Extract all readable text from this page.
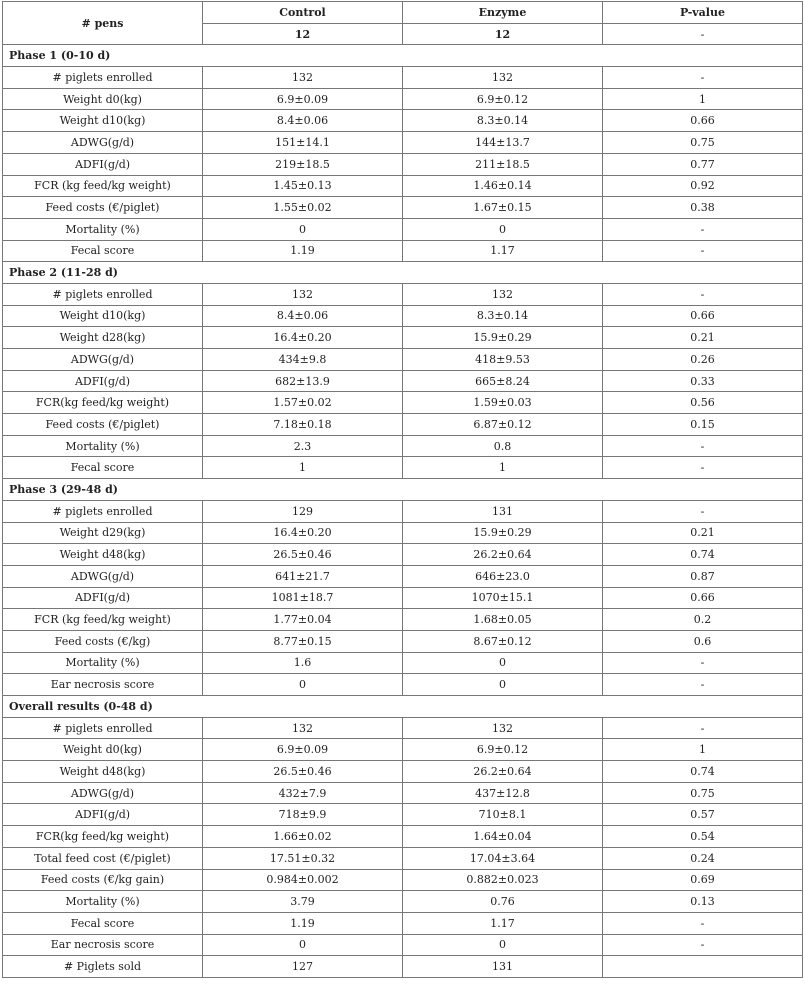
# pens	Control	Enzyme	P-value
	12	12	-
Phase 1 (0-10 d)			
# piglets enrolled	132	132	-
Weight d0(kg)	6.9±0.09	6.9±0.12	1
Weight d10(kg)	8.4±0.06	8.3±0.14	0.66
ADWG(g/d)	151±14.1	144±13.7	0.75
ADFI(g/d)	219±18.5	211±18.5	0.77
FCR (kg feed/kg weight)	1.45±0.13	1.46±0.14	0.92
Feed costs (€/piglet)	1.55±0.02	1.67±0.15	0.38
Mortality (%)	0	0	-
Fecal score	1.19	1.17	-
Phase 2 (11-28 d)			
# piglets enrolled	132	132	-
Weight d10(kg)	8.4±0.06	8.3±0.14	0.66
Weight d28(kg)	16.4±0.20	15.9±0.29	0.21
ADWG(g/d)	434±9.8	418±9.53	0.26
ADFI(g/d)	682±13.9	665±8.24	0.33
FCR(kg feed/kg weight)	1.57±0.02	1.59±0.03	0.56
Feed costs (€/piglet)	7.18±0.18	6.87±0.12	0.15
Mortality (%)	2.3	0.8	-
Fecal score	1	1	-
Phase 3 (29-48 d)			
# piglets enrolled	129	131	-
Weight d29(kg)	16.4±0.20	15.9±0.29	0.21
Weight d48(kg)	26.5±0.46	26.2±0.64	0.74
ADWG(g/d)	641±21.7	646±23.0	0.87
ADFI(g/d)	1081±18.7	1070±15.1	0.66
FCR (kg feed/kg weight)	1.77±0.04	1.68±0.05	0.2
Feed costs (€/kg)	8.77±0.15	8.67±0.12	0.6
Mortality (%)	1.6	0	-
Ear necrosis score	0	0	-
Overall results (0-48 d)			
# piglets enrolled	132	132	-
Weight d0(kg)	6.9±0.09	6.9±0.12	1
Weight d48(kg)	26.5±0.46	26.2±0.64	0.74
ADWG(g/d)	432±7.9	437±12.8	0.75
ADFI(g/d)	718±9.9	710±8.1	0.57
FCR(kg feed/kg weight)	1.66±0.02	1.64±0.04	0.54
Total feed cost (€/piglet)	17.51±0.32	17.04±3.64	0.24
Feed costs (€/kg gain)	0.984±0.002	0.882±0.023	0.69
Mortality (%)	3.79	0.76	0.13
Fecal score	1.19	1.17	-
Ear necrosis score	0	0	-
# Piglets sold	127	131	
